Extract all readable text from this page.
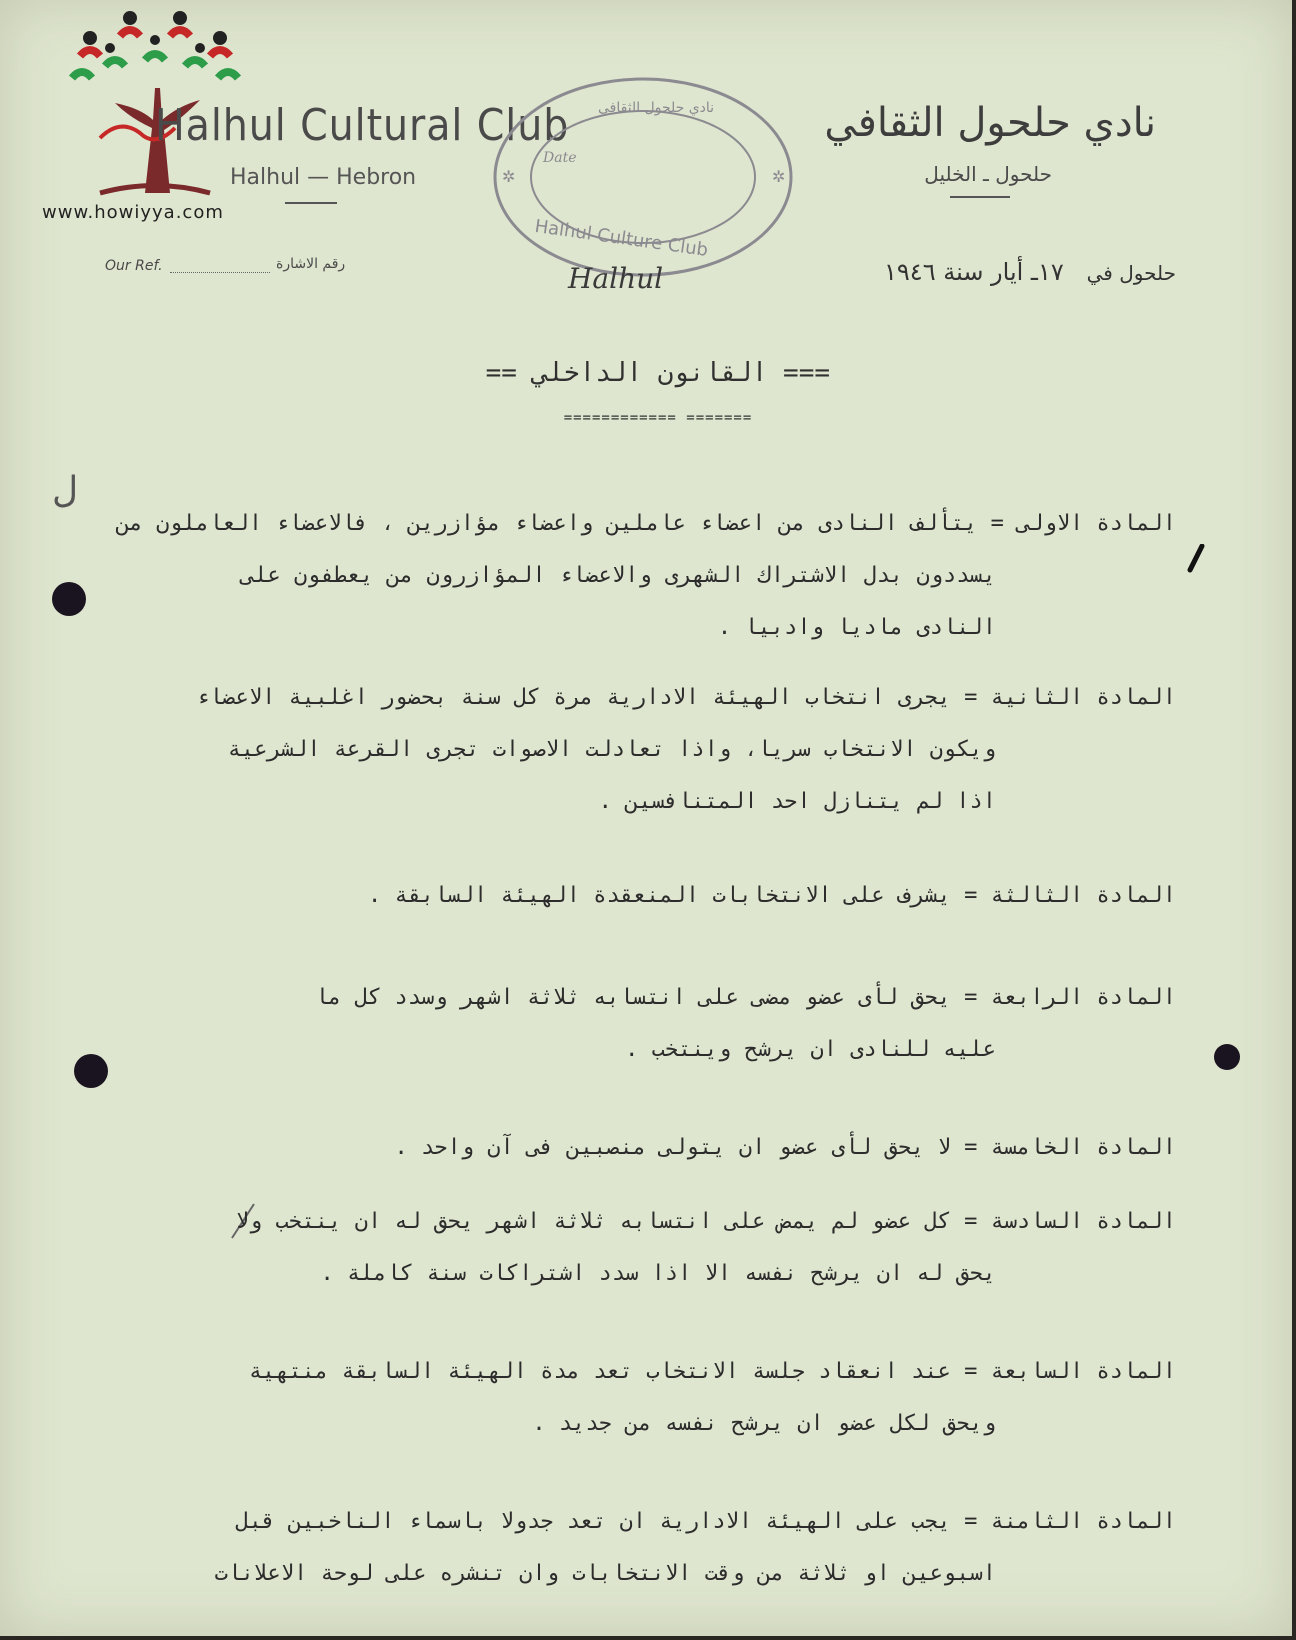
www.howiyya.com
Halhul Cultural Club
Halhul — Hebron
نادي حلحول الثقافي
حلحول ـ الخليل
Our Ref.	رقم الاشارة
نادي حلحول الثقافي
Date
Halhul Culture Club
✲	✲
Halhul	حلحول في   ١٧ـ أيار سنة ١٩٤٦
=== القانون الداخلي ==
============ =======
ل
المادة الاولى = يتألف النادى من اعضاء عاملين واعضاء مؤازرين ، فالاعضاء العاملون من
يسددون بدل الاشتراك الشهرى والاعضاء المؤازرون من يعطفون على
النادى ماديا وادبيا .
المادة الثانية = يجرى انتخاب الهيئة الادارية مرة كل سنة بحضور اغلبية الاعضاء
ويكون الانتخاب سريا، واذا تعادلت الاصوات تجرى القرعة الشرعية
اذا لم يتنازل احد المتنافسين .
المادة الثالثة = يشرف على الانتخابات المنعقدة الهيئة السابقة .
المادة الرابعة = يحق لأى عضو مضى على انتسابه ثلاثة اشهر وسدد كل ما
عليه للنادى ان يرشح وينتخب .
المادة الخامسة = لا يحق لأى عضو ان يتولى منصبين فى آن واحد .
المادة السادسة = كل عضو لم يمض على انتسابه ثلاثة اشهر يحق له ان ينتخب ولا
يحق له ان يرشح نفسه الا اذا سدد اشتراكات سنة كاملة .
المادة السابعة = عند انعقاد جلسة الانتخاب تعد مدة الهيئة السابقة منتهية
ويحق لكل عضو ان يرشح نفسه من جديد .
المادة الثامنة = يجب على الهيئة الادارية ان تعد جدولا باسماء الناخبين قبل
اسبوعين او ثلاثة من وقت الانتخابات وان تنشره على لوحة الاعلانات
